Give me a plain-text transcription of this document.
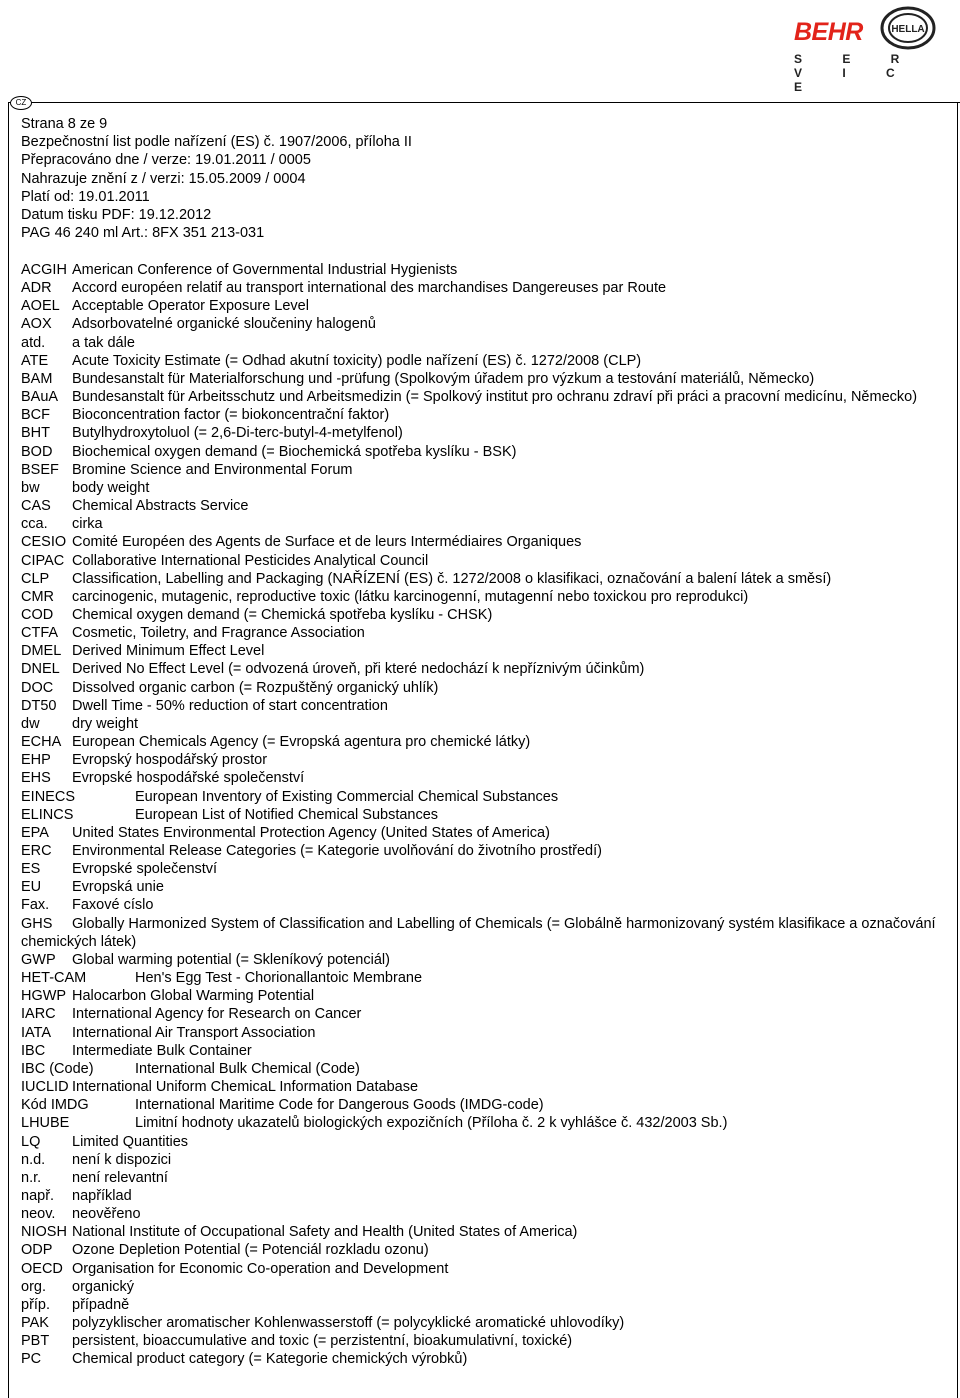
BEHR	HELLA
S E R V I C E
CZ
Strana 8 ze 9
Bezpečnostní list podle nařízení (ES) č. 1907/2006, příloha II
Přepracováno dne / verze: 19.01.2011 / 0005
Nahrazuje znění z / verzi: 15.05.2009 / 0004
Platí od: 19.01.2011
Datum tisku PDF: 19.12.2012
PAG 46 240 ml Art.: 8FX 351 213-031
ACGIH American Conference of Governmental Industrial Hygienists
ADR	Accord européen relatif au transport international des marchandises Dangereuses par Route
AOEL Acceptable Operator Exposure Level
AOX	Adsorbovatelné organické sloučeniny halogenů
atd.	a tak dále
ATE	Acute Toxicity Estimate (= Odhad akutní toxicity) podle nařízení (ES) č. 1272/2008 (CLP)
BAM	Bundesanstalt für Materialforschung und -prüfung (Spolkovým úřadem pro výzkum a testování materiálů, Německo)
BAuA Bundesanstalt für Arbeitsschutz und Arbeitsmedizin (= Spolkový institut pro ochranu zdraví při práci a pracovní medicínu, Německo)
BCF	Bioconcentration factor (= biokoncentrační faktor)
BHT	Butylhydroxytoluol (= 2,6-Di-terc-butyl-4-metylfenol)
BOD	Biochemical oxygen demand (= Biochemická spotřeba kyslíku - BSK)
BSEF Bromine Science and Environmental Forum
bw	body weight
CAS	Chemical Abstracts Service
cca.	cirka
CESIO Comité Européen des Agents de Surface et de leurs Intermédiaires Organiques
CIPAC Collaborative International Pesticides Analytical Council
CLP	Classification, Labelling and Packaging (NAŘÍZENÍ (ES) č. 1272/2008 o klasifikaci, označování a balení látek a směsí)
CMR	carcinogenic, mutagenic, reproductive toxic (látku karcinogenní, mutagenní nebo toxickou pro reprodukci)
COD	Chemical oxygen demand (= Chemická spotřeba kyslíku - CHSK)
CTFA Cosmetic, Toiletry, and Fragrance Association
DMEL Derived Minimum Effect Level
DNEL Derived No Effect Level (= odvozená úroveň, při které nedochází k nepříznivým účinkům)
DOC	Dissolved organic carbon (= Rozpuštěný organický uhlík)
DT50	Dwell Time - 50% reduction of start concentration
dw	dry weight
ECHA European Chemicals Agency (= Evropská agentura pro chemické látky)
EHP	Evropský hospodářský prostor
EHS	Evropské hospodářské společenství
EINECS	European Inventory of Existing Commercial Chemical Substances
ELINCS	European List of Notified Chemical Substances
EPA	United States Environmental Protection Agency (United States of America)
ERC	Environmental Release Categories (= Kategorie uvolňování do životního prostředí)
ES	Evropské společenství
EU	Evropská unie
Fax.	Faxové císlo
GHS Globally Harmonized System of Classification and Labelling of Chemicals (= Globálně harmonizovaný systém klasifikace a označování chemických látek)
GWP	Global warming potential (= Skleníkový potenciál)
HET-CAM	Hen's Egg Test - Chorionallantoic Membrane
HGWP Halocarbon Global Warming Potential
IARC	International Agency for Research on Cancer
IATA	International Air Transport Association
IBC	Intermediate Bulk Container
IBC (Code)	International Bulk Chemical (Code)
IUCLID International Uniform ChemicaL Information Database
Kód IMDG	International Maritime Code for Dangerous Goods (IMDG-code)
LHUBE	Limitní hodnoty ukazatelů biologických expozičních (Příloha č. 2 k vyhlášce č. 432/2003 Sb.)
LQ	Limited Quantities
n.d.	není k dispozici
n.r.	není relevantní
např.	například
neov.	neověřeno
NIOSH National Institute of Occupational Safety and Health (United States of America)
ODP	Ozone Depletion Potential (= Potenciál rozkladu ozonu)
OECD Organisation for Economic Co-operation and Development
org.	organický
příp.	případně
PAK	polyzyklischer aromatischer Kohlenwasserstoff (= polycyklické aromatické uhlovodíky)
PBT	persistent, bioaccumulative and toxic (= perzistentní, bioakumulativní, toxické)
PC	Chemical product category (= Kategorie chemických výrobků)
